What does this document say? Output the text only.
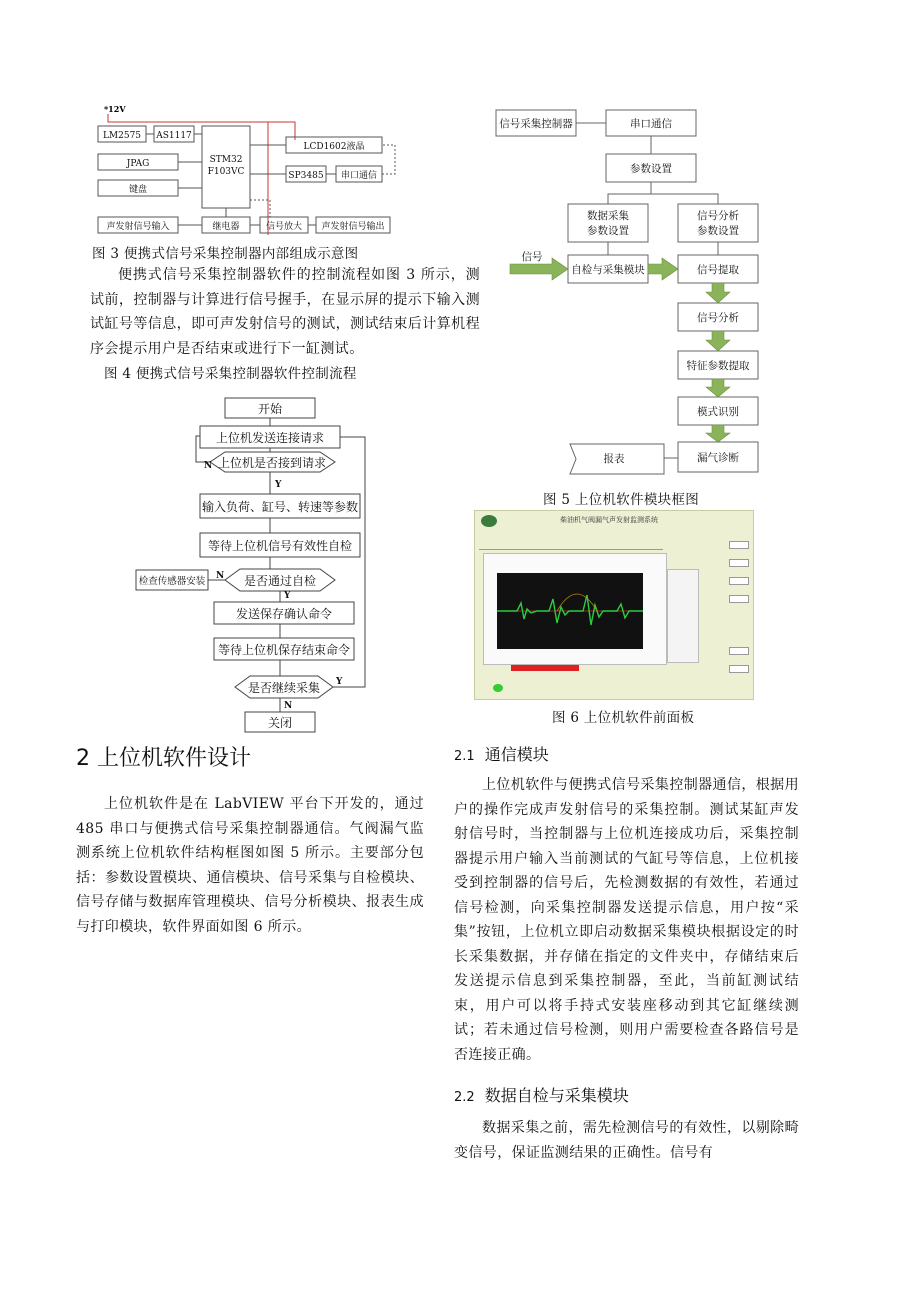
*12V
LM2575 AS1117
STM32
F103VC
JPAG
键盘
LCD1602液晶
SP3485 串口通信
声发射信号输入	继电器	信号放大 声发射信号输出
图 3 便携式信号采集控制器内部组成示意图
便携式信号采集控制器软件的控制流程如图 3 所示，测试前，控制器与计算进行信号握手，在显示屏的提示下输入测试缸号等信息，即可声发射信号的测试，测试结束后计算机程序会提示用户是否结束或进行下一缸测试。
图 4 便携式信号采集控制器软件控制流程
开始
上位机发送连接请求
上位机是否接到请求
输入负荷、缸号、转速等参数
等待上位机信号有效性自检
是否通过自检
检查传感器安装
发送保存确认命令
等待上位机保存结束命令
是否继续采集
关闭
N
Y
N
Y
Y
N
信号采集控制器	串口通信
参数设置
数据采集
参数设置
信号分析
参数设置
信号
自检与采集模块	信号提取
信号分析
特征参数提取
模式识别
报表	漏气诊断
图 5 上位机软件模块框图
柴油机气阀漏气声发射监测系统
图 6 上位机软件前面板
2 上位机软件设计
上位机软件是在 LabVIEW 平台下开发的，通过 485 串口与便携式信号采集控制器通信。气阀漏气监测系统上位机软件结构框图如图 5 所示。主要部分包括：参数设置模块、通信模块、信号采集与自检模块、信号存储与数据库管理模块、信号分析模块、报表生成与打印模块，软件界面如图 6 所示。
2.1 通信模块
上位机软件与便携式信号采集控制器通信，根据用户的操作完成声发射信号的采集控制。测试某缸声发射信号时，当控制器与上位机连接成功后，采集控制器提示用户输入当前测试的气缸号等信息，上位机接受到控制器的信号后，先检测数据的有效性，若通过信号检测，向采集控制器发送提示信息，用户按“采集”按钮，上位机立即启动数据采集模块根据设定的时长采集数据，并存储在指定的文件夹中，存储结束后发送提示信息到采集控制器，至此，当前缸测试结束，用户可以将手持式安装座移动到其它缸继续测试；若未通过信号检测，则用户需要检查各路信号是否连接正确。
2.2 数据自检与采集模块
数据采集之前，需先检测信号的有效性，以剔除畸变信号，保证监测结果的正确性。信号有
